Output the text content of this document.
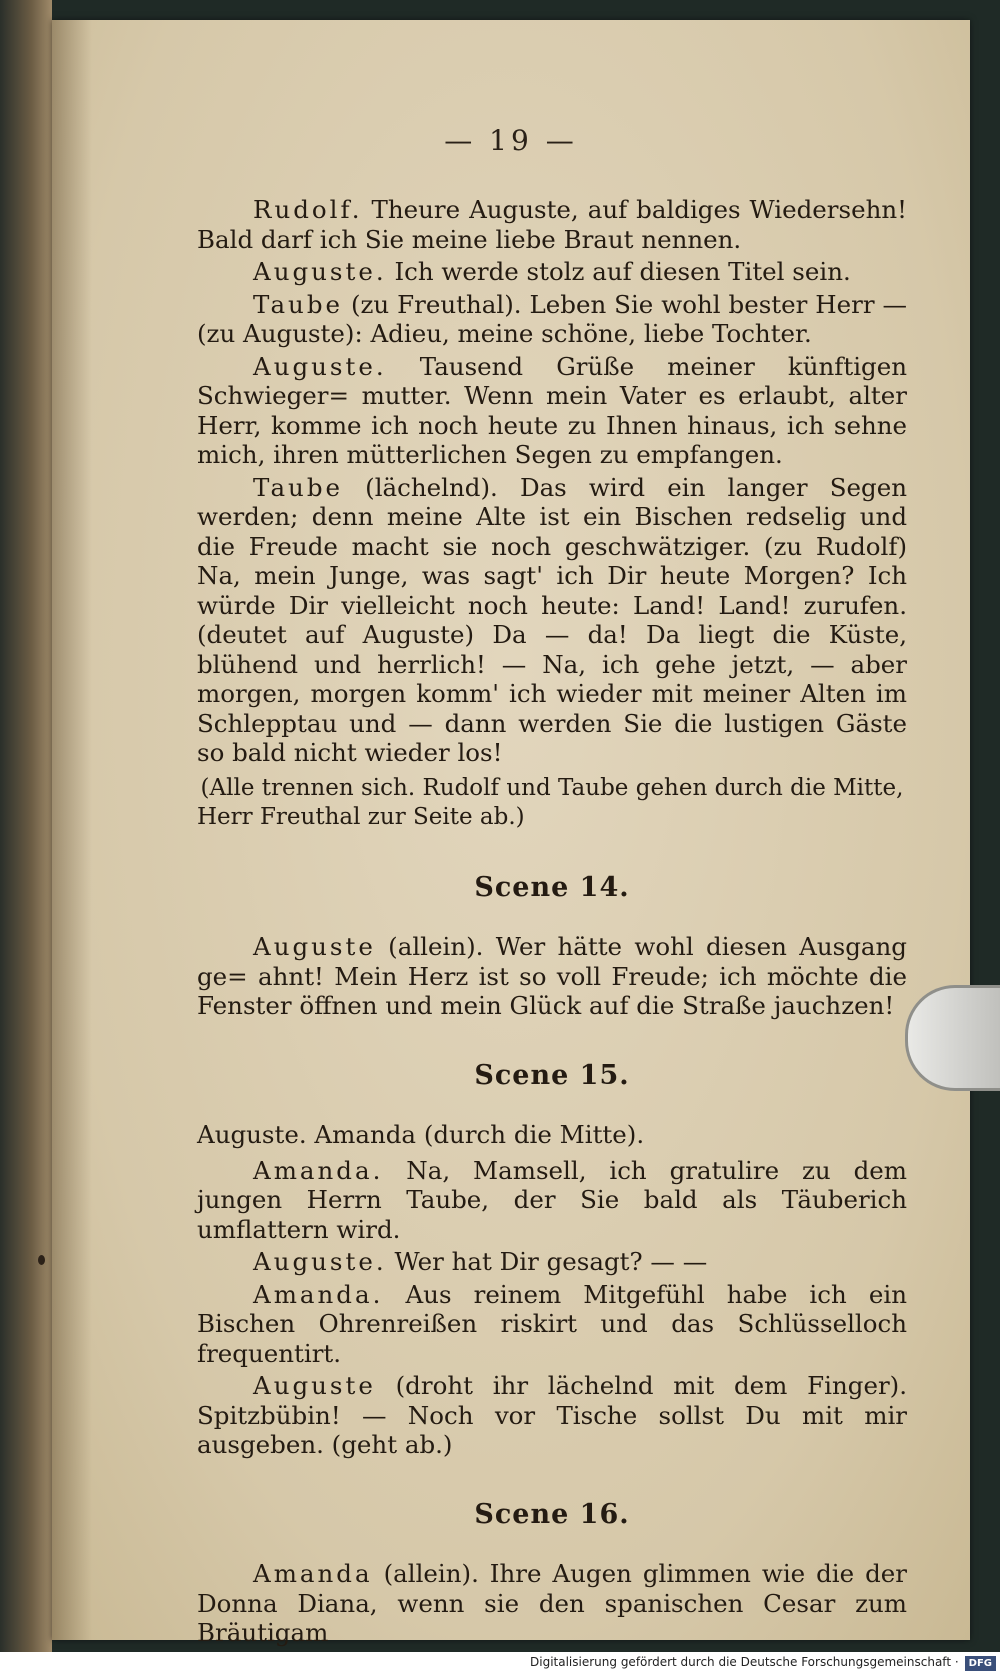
— 19 —

Rudolf. Theure Auguste, auf baldiges Wiedersehn! Bald darf ich Sie meine liebe Braut nennen.

Auguste. Ich werde stolz auf diesen Titel sein.

Taube (zu Freuthal). Leben Sie wohl bester Herr — (zu Auguste): Adieu, meine schöne, liebe Tochter.

Auguste. Tausend Grüße meiner künftigen Schwieger= mutter. Wenn mein Vater es erlaubt, alter Herr, komme ich noch heute zu Ihnen hinaus, ich sehne mich, ihren mütterlichen Segen zu empfangen.

Taube (lächelnd). Das wird ein langer Segen werden; denn meine Alte ist ein Bischen redselig und die Freude macht sie noch geschwätziger. (zu Rudolf) Na, mein Junge, was sagt' ich Dir heute Morgen? Ich würde Dir vielleicht noch heute: Land! Land! zurufen. (deutet auf Auguste) Da — da! Da liegt die Küste, blühend und herrlich! — Na, ich gehe jetzt, — aber morgen, morgen komm' ich wieder mit meiner Alten im Schlepptau und — dann werden Sie die lustigen Gäste so bald nicht wieder los!

(Alle trennen sich. Rudolf und Taube gehen durch die Mitte, Herr Freuthal zur Seite ab.)

Scene 14.

Auguste (allein). Wer hätte wohl diesen Ausgang ge= ahnt! Mein Herz ist so voll Freude; ich möchte die Fenster öffnen und mein Glück auf die Straße jauchzen!

Scene 15.

Auguste. Amanda (durch die Mitte).

Amanda. Na, Mamsell, ich gratulire zu dem jungen Herrn Taube, der Sie bald als Täuberich umflattern wird.

Auguste. Wer hat Dir gesagt? — —

Amanda. Aus reinem Mitgefühl habe ich ein Bischen Ohrenreißen riskirt und das Schlüsselloch frequentirt.

Auguste (droht ihr lächelnd mit dem Finger). Spitzbübin! — Noch vor Tische sollst Du mit mir ausgeben. (geht ab.)

Scene 16.

Amanda (allein). Ihre Augen glimmen wie die der Donna Diana, wenn sie den spanischen Cesar zum Bräutigam

Digitalisierung gefördert durch die Deutsche Forschungsgemeinschaft · DFG
